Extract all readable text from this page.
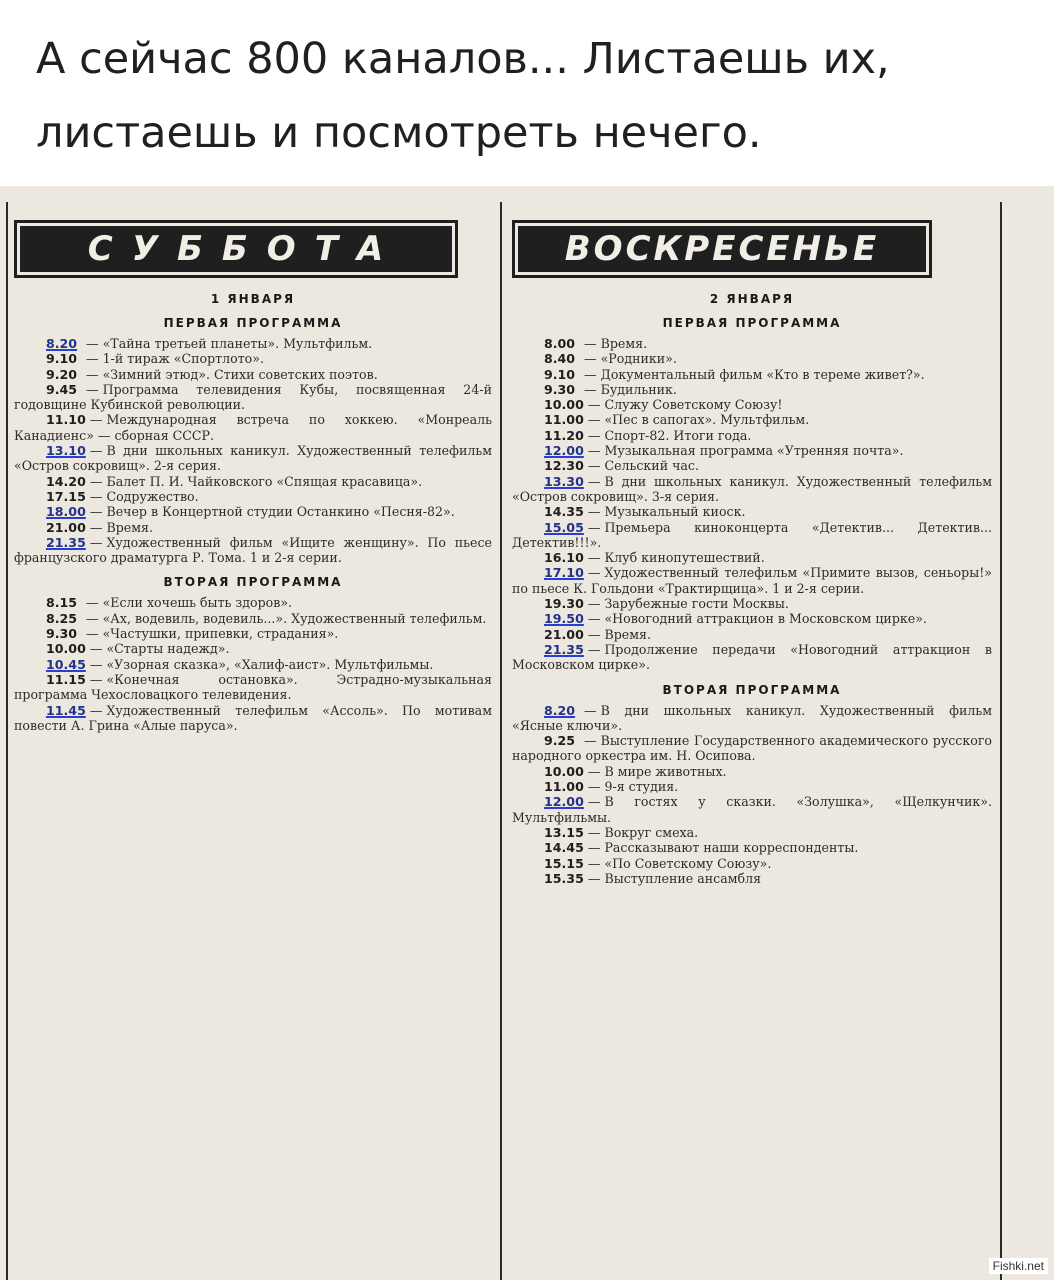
А сейчас 800 каналов... Листаешь их, листаешь и посмотреть нечего.
СУББОТА
1 ЯНВАРЯ
ПЕРВАЯ ПРОГРАММА
8.20 — «Тайна третьей планеты». Мультфильм.
9.10 — 1-й тираж «Спортлото».
9.20 — «Зимний этюд». Стихи советских поэтов.
9.45 — Программа телевидения Кубы, посвященная 24-й годовщине Кубинской революции.
11.10 — Международная встреча по хоккею. «Монреаль Канадиенс» — сборная СССР.
13.10 — В дни школьных каникул. Художественный телефильм «Остров сокровищ». 2-я серия.
14.20 — Балет П. И. Чайковского «Спящая красавица».
17.15 — Содружество.
18.00 — Вечер в Концертной студии Останкино «Песня-82».
21.00 — Время.
21.35 — Художественный фильм «Ищите женщину». По пьесе французского драматурга Р. Тома. 1 и 2-я серии.
ВТОРАЯ ПРОГРАММА
8.15 — «Если хочешь быть здоров».
8.25 — «Ах, водевиль, водевиль...». Художественный телефильм.
9.30 — «Частушки, припевки, страдания».
10.00 — «Старты надежд».
10.45 — «Узорная сказка», «Халиф-аист». Мультфильмы.
11.15 — «Конечная остановка». Эстрадно-музыкальная программа Чехословацкого телевидения.
11.45 — Художественный телефильм «Ассоль». По мотивам повести А. Грина «Алые паруса».
ВОСКРЕСЕНЬЕ
2 ЯНВАРЯ
ПЕРВАЯ ПРОГРАММА
8.00 — Время.
8.40 — «Родники».
9.10 — Документальный фильм «Кто в тереме живет?».
9.30 — Будильник.
10.00 — Служу Советскому Союзу!
11.00 — «Пес в сапогах». Мультфильм.
11.20 — Спорт-82. Итоги года.
12.00 — Музыкальная программа «Утренняя почта».
12.30 — Сельский час.
13.30 — В дни школьных каникул. Художественный телефильм «Остров сокровищ». 3-я серия.
14.35 — Музыкальный киоск.
15.05 — Премьера киноконцерта «Детектив... Детектив... Детектив!!!».
16.10 — Клуб кинопутешествий.
17.10 — Художественный телефильм «Примите вызов, сеньоры!» по пьесе К. Гольдони «Трактирщица». 1 и 2-я серии.
19.30 — Зарубежные гости Москвы.
19.50 — «Новогодний аттракцион в Московском цирке».
21.00 — Время.
21.35 — Продолжение передачи «Новогодний аттракцион в Московском цирке».
ВТОРАЯ ПРОГРАММА
8.20 — В дни школьных каникул. Художественный фильм «Ясные ключи».
9.25 — Выступление Государственного академического русского народного оркестра им. Н. Осипова.
10.00 — В мире животных.
11.00 — 9-я студия.
12.00 — В гостях у сказки. «Золушка», «Щелкунчик». Мультфильмы.
13.15 — Вокруг смеха.
14.45 — Рассказывают наши корреспонденты.
15.15 — «По Советскому Союзу».
15.35 — Выступление ансамбля
Fishki.net
